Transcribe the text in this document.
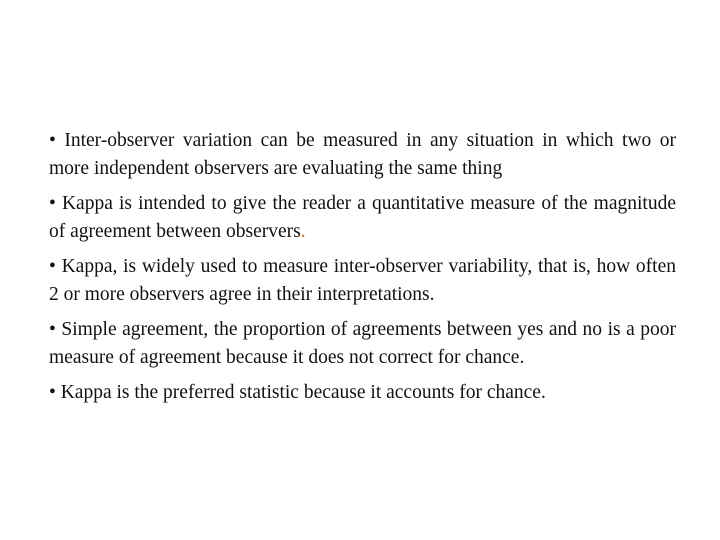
• Inter-observer variation can be measured in any situation in which two or more independent observers are evaluating the same thing
• Kappa is intended to give the reader a quantitative measure of the magnitude of agreement between observers.
• Kappa, is widely used to measure inter-observer variability, that is, how often 2 or more observers agree in their interpretations.
• Simple agreement, the proportion of agreements between yes and no is a poor measure of agreement because it does not correct for chance.
• Kappa is the preferred statistic because it accounts for chance.
